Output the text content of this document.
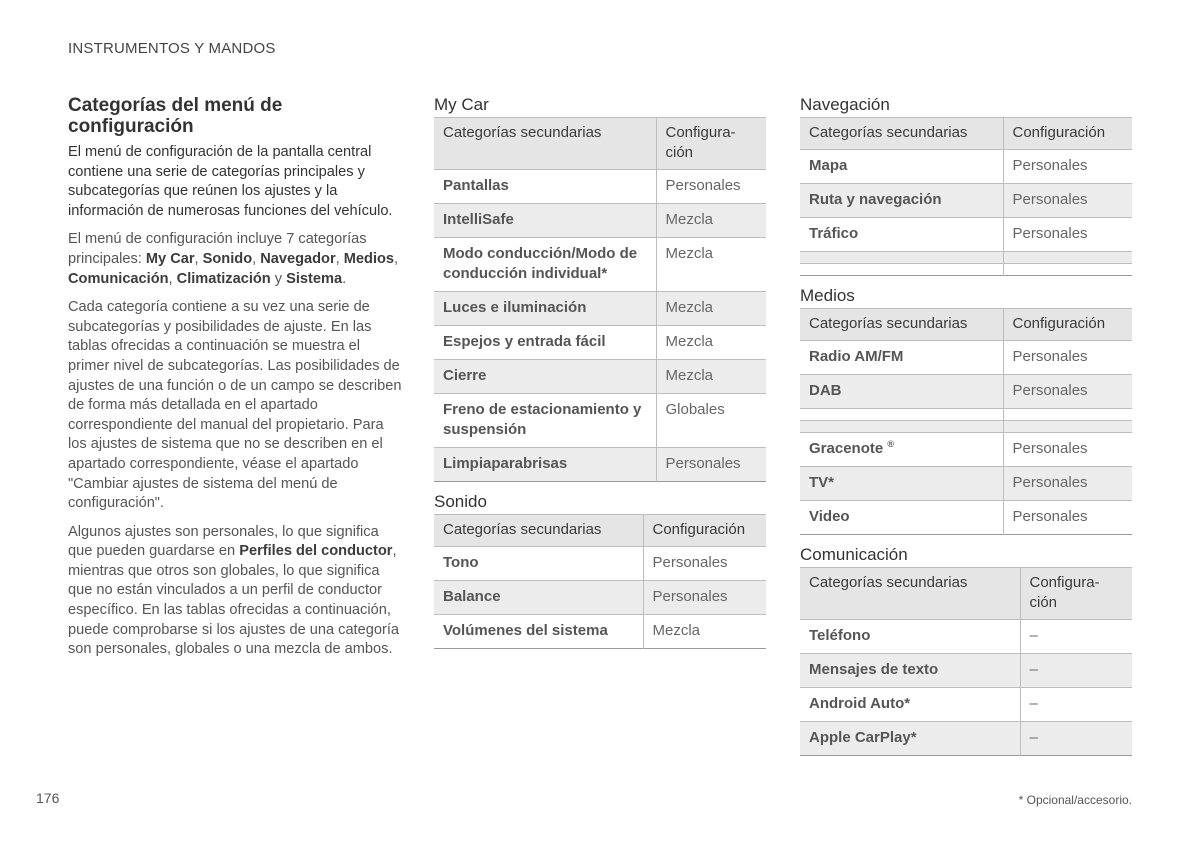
INSTRUMENTOS Y MANDOS
Categorías del menú de configuración

El menú de configuración de la pantalla central contiene una serie de categorías principales y subcategorías que reúnen los ajustes y la información de numerosas funciones del vehículo.

El menú de configuración incluye 7 categorías principales: My Car, Sonido, Navegador, Medios, Comunicación, Climatización y Sistema.

Cada categoría contiene a su vez una serie de subcategorías y posibilidades de ajuste. En las tablas ofrecidas a continuación se muestra el primer nivel de subcategorías. Las posibilidades de ajustes de una función o de un campo se describen de forma más detallada en el apartado correspondiente del manual del propietario. Para los ajustes de sistema que no se describen en el apartado correspondiente, véase el apartado "Cambiar ajustes de sistema del menú de configuración".

Algunos ajustes son personales, lo que significa que pueden guardarse en Perfiles del conductor, mientras que otros son globales, lo que significa que no están vinculados a un perfil de conductor específico. En las tablas ofrecidas a continuación, puede comprobarse si los ajustes de una categoría son personales, globales o una mezcla de ambos.

My Car
Categorías secundarias	Configura-ción
Pantallas	Personales
IntelliSafe	Mezcla
Modo conducción/Modo de conducción individual*	Mezcla
Luces e iluminación	Mezcla
Espejos y entrada fácil	Mezcla
Cierre	Mezcla
Freno de estacionamiento y suspensión	Globales
Limpiaparabrisas	Personales
Sonido
Categorías secundarias	Configuración
Tono	Personales
Balance	Personales
Volúmenes del sistema	Mezcla
Navegación
Categorías secundarias	Configuración
Mapa	Personales
Ruta y navegación	Personales
Tráfico	Personales

Medios
Categorías secundarias	Configuración
Radio AM/FM	Personales
DAB	Personales

Gracenote ®	Personales
TV*	Personales
Video	Personales
Comunicación
Categorías secundarias	Configura-ción
Teléfono	–
Mensajes de texto	–
Android Auto*	–
Apple CarPlay*	–
176	* Opcional/accesorio.
